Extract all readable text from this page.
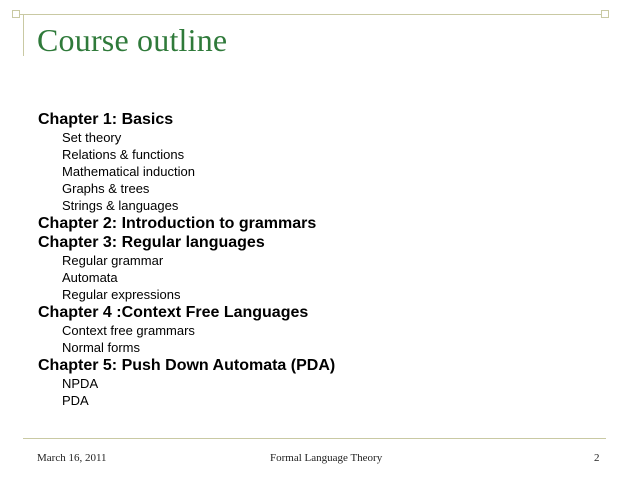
Course outline
Chapter 1: Basics
Set theory
Relations & functions
Mathematical induction
Graphs & trees
Strings & languages
Chapter 2: Introduction to grammars
Chapter 3: Regular languages
Regular grammar
Automata
Regular expressions
Chapter 4 :Context Free Languages
Context free grammars
Normal forms
Chapter 5: Push Down Automata (PDA)
NPDA
PDA
March 16, 2011	Formal Language Theory	2
